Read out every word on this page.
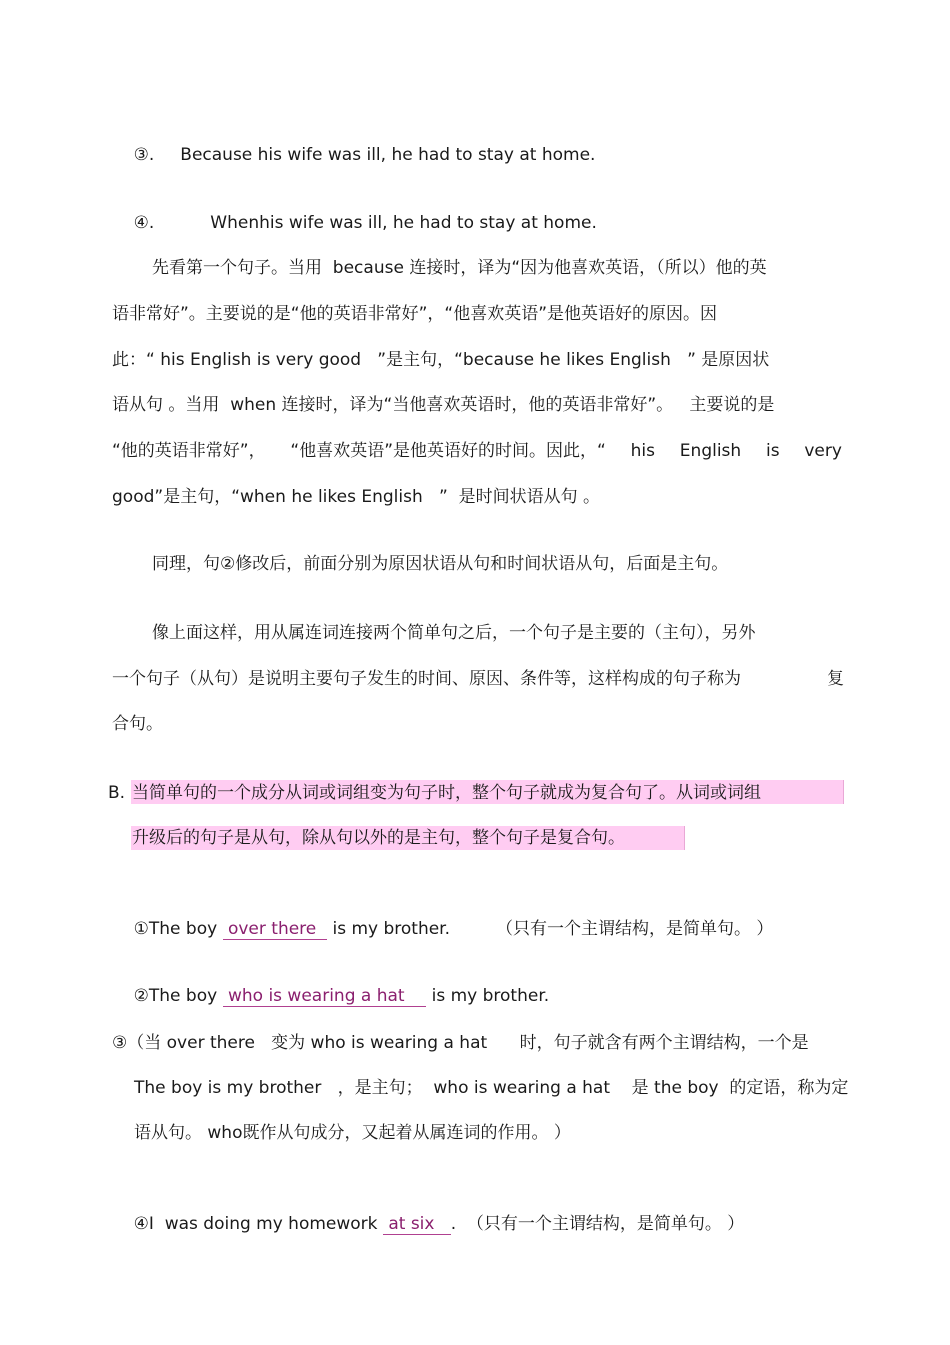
③. Because his wife was ill, he had to stay at home.

④.	Whenhis wife was ill, he had to stay at home.

先看第一个句子。当用  because 连接时，译为“因为他喜欢英语，（所以）他的英
语非常好”。主要说的是“他的英语非常好”，“他喜欢英语”是他英语好的原因。因
此：“ his English is very good   ”是主句，“because he likes English   ” 是原因状
语从句 。当用  when 连接时，译为“当他喜欢英语时，他的英语非常好”。   主要说的是
“他的英语非常好”， “他喜欢英语”是他英语好的时间。因此，“ his English is very
good”是主句，“when he likes English   ”  是时间状语从句 。
同理，句②修改后，前面分别为原因状语从句和时间状语从句，后面是主句。
像上面这样，用从属连词连接两个简单句之后，一个句子是主要的（主句），另外
一个句子（从句）是说明主要句子发生的时间、原因、条件等，这样构成的句子称为	复
合句。
B. 当简单句的一个成分从词或词组变为句子时，整个句子就成为复合句了。从词或词组
升级后的句子是从句，除从句以外的是主句，整个句子是复合句。

①The boy  over there   is my brother.	（只有一个主谓结构，是简单句。 ）

②The boy  who is wearing a hat     is my brother.

③（当 over there   变为 who is wearing a hat      时，句子就含有两个主谓结构，一个是
The boy is my brother   ，是主句；  who is wearing a hat    是 the boy  的定语，称为定
语从句。 who既作从句成分，又起着从属连词的作用。 ）

④I  was doing my homework  at six   .  （只有一个主谓结构，是简单句。 ）
